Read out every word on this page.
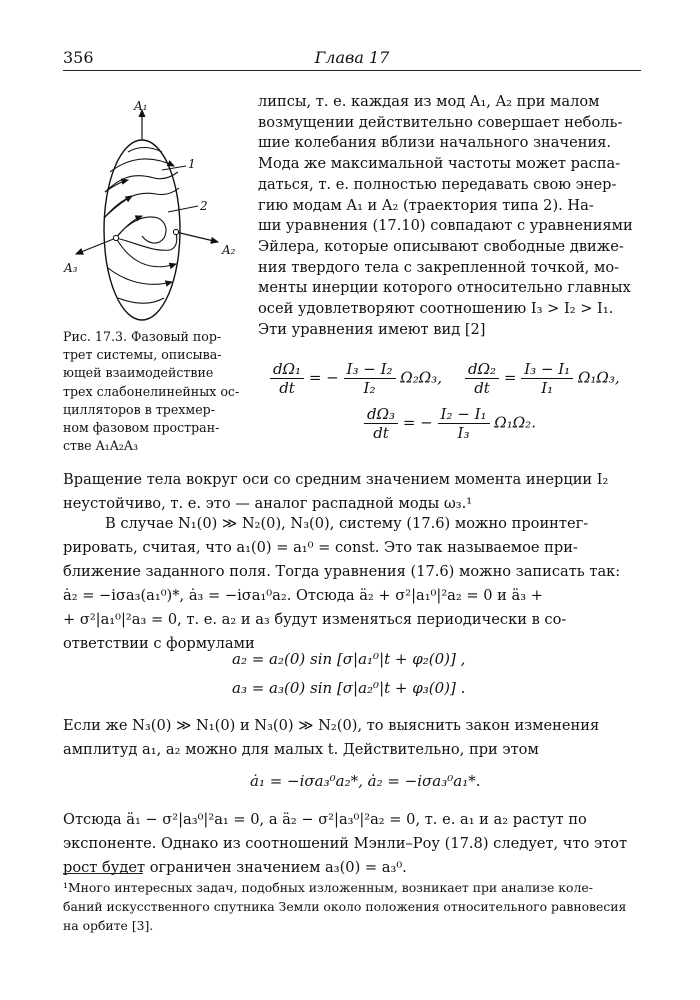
356	Глава 17
A₁
A₂
A₃
1
2
Рис. 17.3. Фазовый пор-
трет системы, описыва-
ющей взаимодействие
трех слабонелинейных ос-
цилляторов в трехмер-
ном фазовом простран-
стве A₁A₂A₃
липсы, т. е. каждая из мод A₁, A₂ при малом
возмущении действительно совершает неболь-
шие колебания вблизи начального значения.
Мода же максимальной частоты может распа-
даться, т. е. полностью передавать свою энер-
гию модам A₁ и A₂ (траектория типа 2). На-
ши уравнения (17.10) совпадают с уравнениями
Эйлера, которые описывают свободные движе-
ния твердого тела с закрепленной точкой, мо-
менты инерции которого относительно главных
осей удовлетворяют соотношению I₃ > I₂ > I₁.
Эти уравнения имеют вид [2]
$\frac{\text{dΩ₁}}{dt}$ = − $\frac{\text{I₃ − I₂}}{\text{I₂}} \Omega_2\Omega_3$, $\frac{\text{dΩ₂}}{dt} = \frac{\text{I₃ − I₁}}{\text{I₁}} \Omega_1\Omega_3$,
$\frac{\text{dΩ₃}}{dt}$ = − $\frac{\text{I₂ − I₁}}{\text{I₃}} \Omega_1\Omega_2$.
Вращение тела вокруг оси со средним значением момента инерции I₂
неустойчиво, т. е. это — аналог распадной моды ω₃.¹
В случае N₁(0) ≫ N₂(0), N₃(0), систему (17.6) можно проинтег-
рировать, считая, что a₁(0) = a₁⁰ = const. Это так называемое при-
ближение заданного поля. Тогда уравнения (17.6) можно записать так:
ȧ₂ = −iσa₃(a₁⁰)*, ȧ₃ = −iσa₁⁰a₂. Отсюда ä₂ + σ²|a₁⁰|²a₂ = 0 и ä₃ +
+ σ²|a₁⁰|²a₃ = 0, т. е. a₂ и a₃ будут изменяться периодически в со-
ответствии с формулами
a₂ = a₂(0) sin [σ|a₁⁰|t + φ₂(0)] ,
a₃ = a₃(0) sin [σ|a₂⁰|t + φ₃(0)] .
Если же N₃(0) ≫ N₁(0) и N₃(0) ≫ N₂(0), то выяснить закон изменения
амплитуд a₁, a₂ можно для малых t. Действительно, при этом
ȧ₁ = −iσa₃⁰a₂*, ȧ₂ = −iσa₃⁰a₁*.
Отсюда ä₁ − σ²|a₃⁰|²a₁ = 0, а ä₂ − σ²|a₃⁰|²a₂ = 0, т. е. a₁ и a₂ растут по
экспоненте. Однако из соотношений Мэнли–Роу (17.8) следует, что этот
рост будет ограничен значением a₃(0) = a₃⁰.
¹Много интересных задач, подобных изложенным, возникает при анализе коле-
баний искусственного спутника Земли около положения относительного равновесия
на орбите [3].
